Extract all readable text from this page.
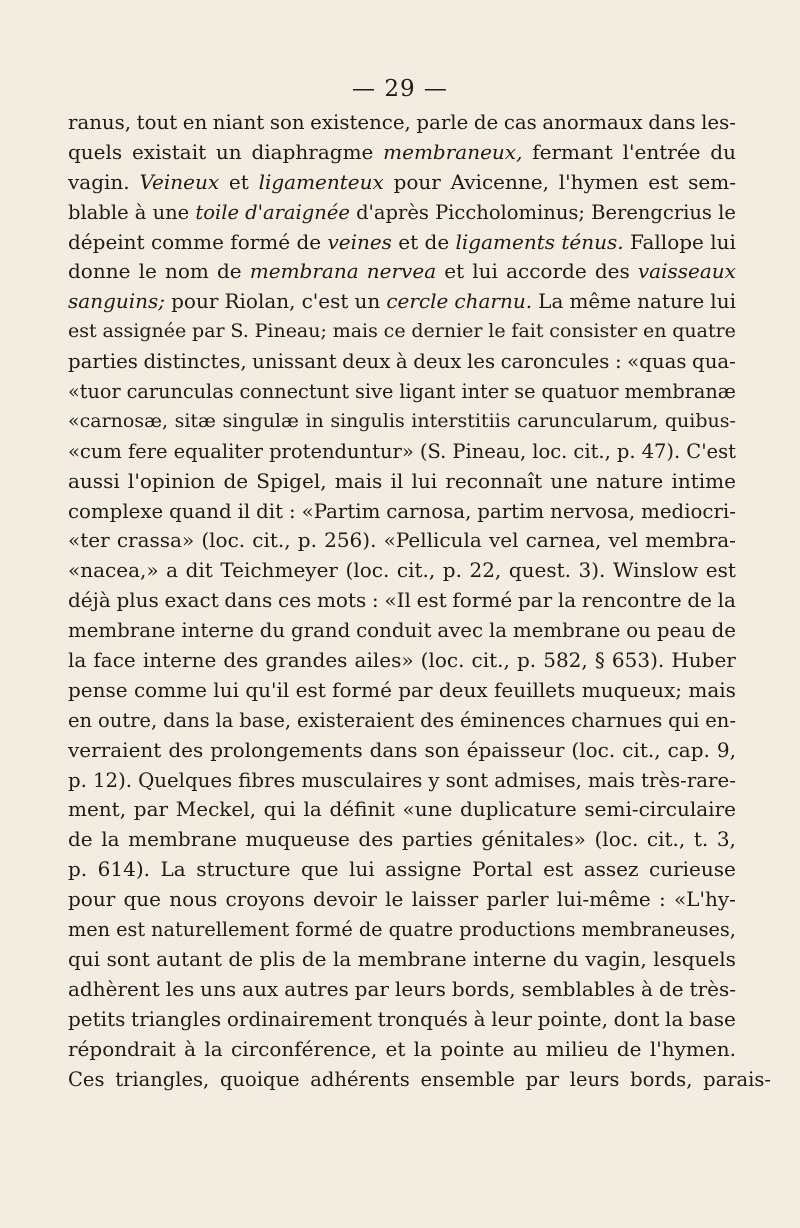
— 29 —
ranus, tout en niant son existence, parle de cas anormaux dans les-
quels existait un diaphragme membraneux, fermant l'entrée du
vagin. Veineux et ligamenteux pour Avicenne, l'hymen est sem-
blable à une toile d'araignée d'après Piccholominus; Berengcrius le
dépeint comme formé de veines et de ligaments ténus. Fallope lui
donne le nom de membrana nervea et lui accorde des vaisseaux
sanguins; pour Riolan, c'est un cercle charnu. La même nature lui
est assignée par S. Pineau; mais ce dernier le fait consister en quatre
parties distinctes, unissant deux à deux les caroncules : «quas qua-
«tuor carunculas connectunt sive ligant inter se quatuor membranæ
«carnosæ, sitæ singulæ in singulis interstitiis caruncularum, quibus-
«cum fere equaliter protenduntur» (S. Pineau, loc. cit., p. 47). C'est
aussi l'opinion de Spigel, mais il lui reconnaît une nature intime
complexe quand il dit : «Partim carnosa, partim nervosa, mediocri-
«ter crassa» (loc. cit., p. 256). «Pellicula vel carnea, vel membra-
«nacea,» a dit Teichmeyer (loc. cit., p. 22, quest. 3). Winslow est
déjà plus exact dans ces mots : «Il est formé par la rencontre de la
membrane interne du grand conduit avec la membrane ou peau de
la face interne des grandes ailes» (loc. cit., p. 582, § 653). Huber
pense comme lui qu'il est formé par deux feuillets muqueux; mais
en outre, dans la base, existeraient des éminences charnues qui en-
verraient des prolongements dans son épaisseur (loc. cit., cap. 9,
p. 12). Quelques fibres musculaires y sont admises, mais très-rare-
ment, par Meckel, qui la définit «une duplicature semi-circulaire
de la membrane muqueuse des parties génitales» (loc. cit., t. 3,
p. 614). La structure que lui assigne Portal est assez curieuse
pour que nous croyons devoir le laisser parler lui-même : «L'hy-
men est naturellement formé de quatre productions membraneuses,
qui sont autant de plis de la membrane interne du vagin, lesquels
adhèrent les uns aux autres par leurs bords, semblables à de très-
petits triangles ordinairement tronqués à leur pointe, dont la base
répondrait à la circonférence, et la pointe au milieu de l'hymen.
Ces triangles, quoique adhérents ensemble par leurs bords, parais-
